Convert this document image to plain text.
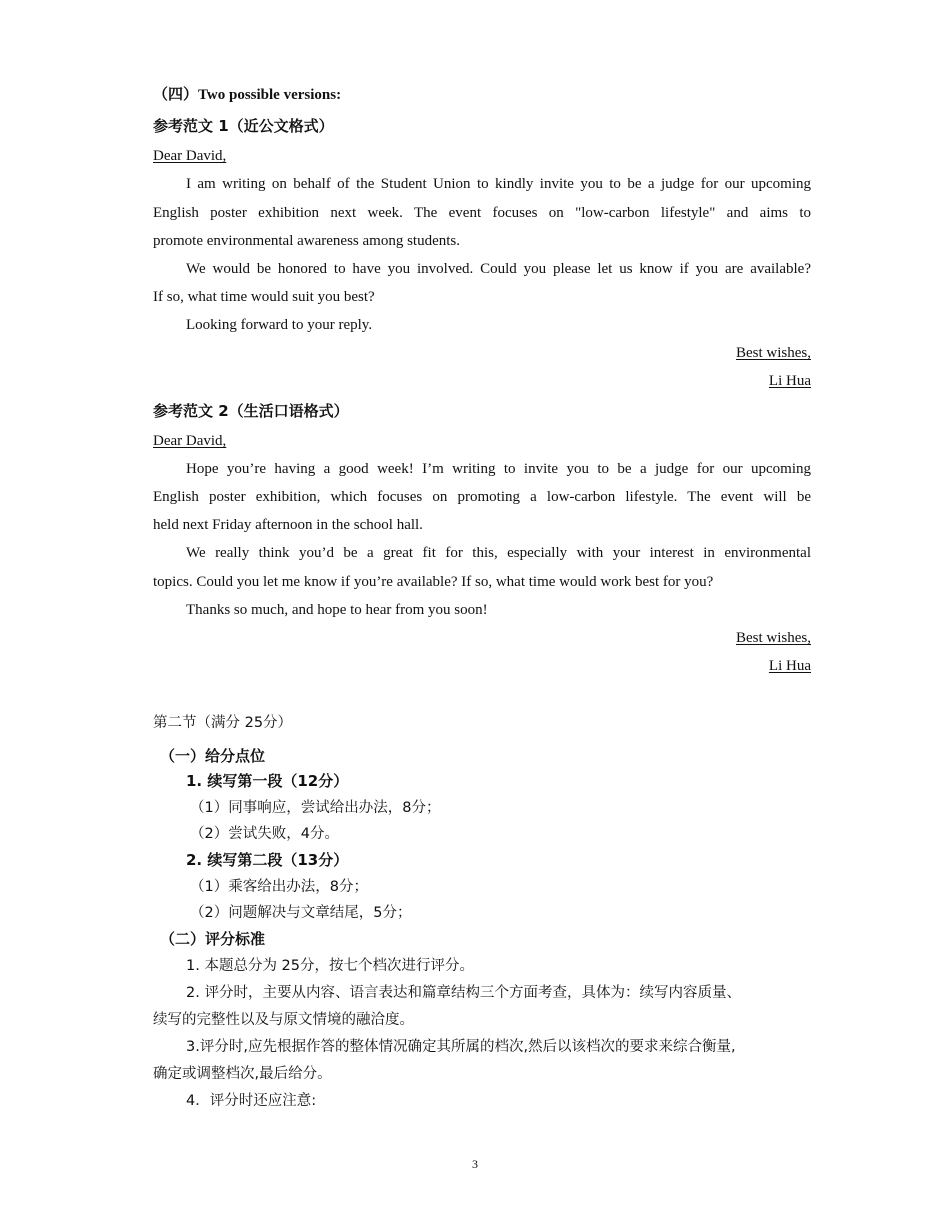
（四）Two possible versions:
参考范文 1（近公文格式）
Dear David,
I am writing on behalf of the Student Union to kindly invite you to be a judge for our upcoming
English poster exhibition next week. The event focuses on "low-carbon lifestyle" and aims to
promote environmental awareness among students.
We would be honored to have you involved. Could you please let us know if you are available?
If so, what time would suit you best?
Looking forward to your reply.
Best wishes,
Li Hua
参考范文 2（生活口语格式）
Dear David,
Hope you’re having a good week! I’m writing to invite you to be a judge for our upcoming
English poster exhibition, which focuses on promoting a low-carbon lifestyle. The event will be
held next Friday afternoon in the school hall.
We really think you’d be a great fit for this, especially with your interest in environmental
topics. Could you let me know if you’re available? If so, what time would work best for you?
Thanks so much, and hope to hear from you soon!
Best wishes,
Li Hua
第二节（满分 25分）
（一）给分点位
1. 续写第一段（12分）
（1）同事响应，尝试给出办法，8分；
（2）尝试失败，4分。
2. 续写第二段（13分）
（1）乘客给出办法，8分；
（2）问题解决与文章结尾，5分；
（二）评分标准
1. 本题总分为 25分，按七个档次进行评分。
2. 评分时，主要从内容、语言表达和篇章结构三个方面考查，具体为：续写内容质量、
续写的完整性以及与原文情境的融洽度。
3.评分时,应先根据作答的整体情况确定其所属的档次,然后以该档次的要求来综合衡量,
确定或调整档次,最后给分。
4．评分时还应注意:
3
